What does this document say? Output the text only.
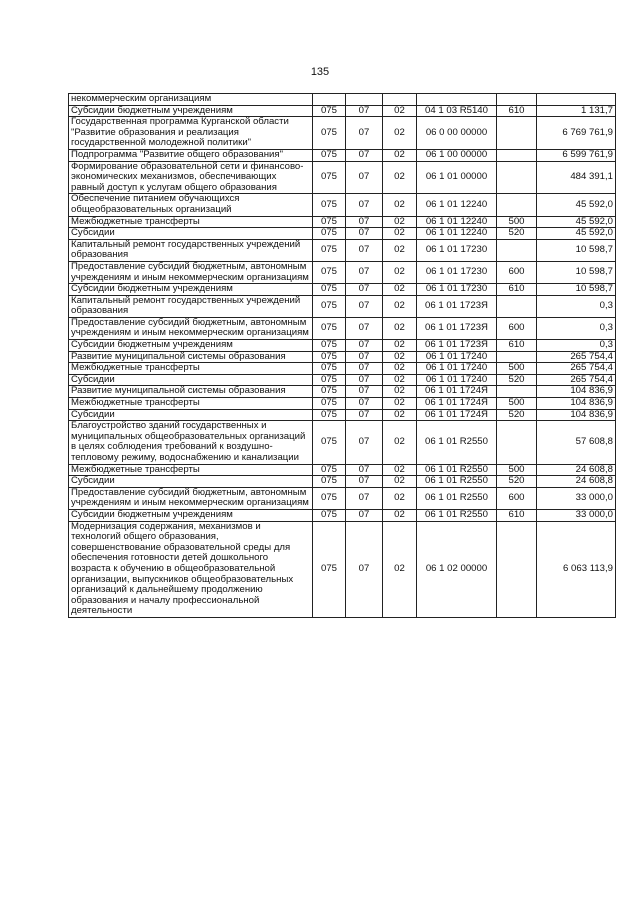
135
некоммерческим организациям						
Субсидии бюджетным учреждениям	075	07	02	04 1 03 R5140	610	1 131,7
Государственная программа Курганской области "Развитие образования и реализация государственной молодежной политики"	075	07	02	06 0 00 00000		6 769 761,9
Подпрограмма "Развитие общего образования"	075	07	02	06 1 00 00000		6 599 761,9
Формирование образовательной сети и финансово-экономических механизмов, обеспечивающих равный доступ к услугам общего образования	075	07	02	06 1 01 00000		484 391,1
Обеспечение питанием обучающихся общеобразовательных организаций	075	07	02	06 1 01 12240		45 592,0
Межбюджетные трансферты	075	07	02	06 1 01 12240	500	45 592,0
Субсидии	075	07	02	06 1 01 12240	520	45 592,0
Капитальный ремонт государственных учреждений образования	075	07	02	06 1 01 17230		10 598,7
Предоставление субсидий бюджетным, автономным учреждениям и иным некоммерческим организациям	075	07	02	06 1 01 17230	600	10 598,7
Субсидии бюджетным учреждениям	075	07	02	06 1 01 17230	610	10 598,7
Капитальный ремонт государственных учреждений образования	075	07	02	06 1 01 1723Я		0,3
Предоставление субсидий бюджетным, автономным учреждениям и иным некоммерческим организациям	075	07	02	06 1 01 1723Я	600	0,3
Субсидии бюджетным учреждениям	075	07	02	06 1 01 1723Я	610	0,3
Развитие муниципальной системы образования	075	07	02	06 1 01 17240		265 754,4
Межбюджетные трансферты	075	07	02	06 1 01 17240	500	265 754,4
Субсидии	075	07	02	06 1 01 17240	520	265 754,4
Развитие муниципальной системы образования	075	07	02	06 1 01 1724Я		104 836,9
Межбюджетные трансферты	075	07	02	06 1 01 1724Я	500	104 836,9
Субсидии	075	07	02	06 1 01 1724Я	520	104 836,9
Благоустройство зданий государственных и муниципальных общеобразовательных организаций в целях соблюдения требований к воздушно-тепловому режиму, водоснабжению и канализации	075	07	02	06 1 01 R2550		57 608,8
Межбюджетные трансферты	075	07	02	06 1 01 R2550	500	24 608,8
Субсидии	075	07	02	06 1 01 R2550	520	24 608,8
Предоставление субсидий бюджетным, автономным учреждениям и иным некоммерческим организациям	075	07	02	06 1 01 R2550	600	33 000,0
Субсидии бюджетным учреждениям	075	07	02	06 1 01 R2550	610	33 000,0
Модернизация содержания, механизмов и технологий общего образования, совершенствование образовательной среды для обеспечения готовности детей дошкольного возраста к обучению в общеобразовательной организации, выпускников общеобразовательных организаций к дальнейшему продолжению образования и началу профессиональной деятельности	075	07	02	06 1 02 00000		6 063 113,9
